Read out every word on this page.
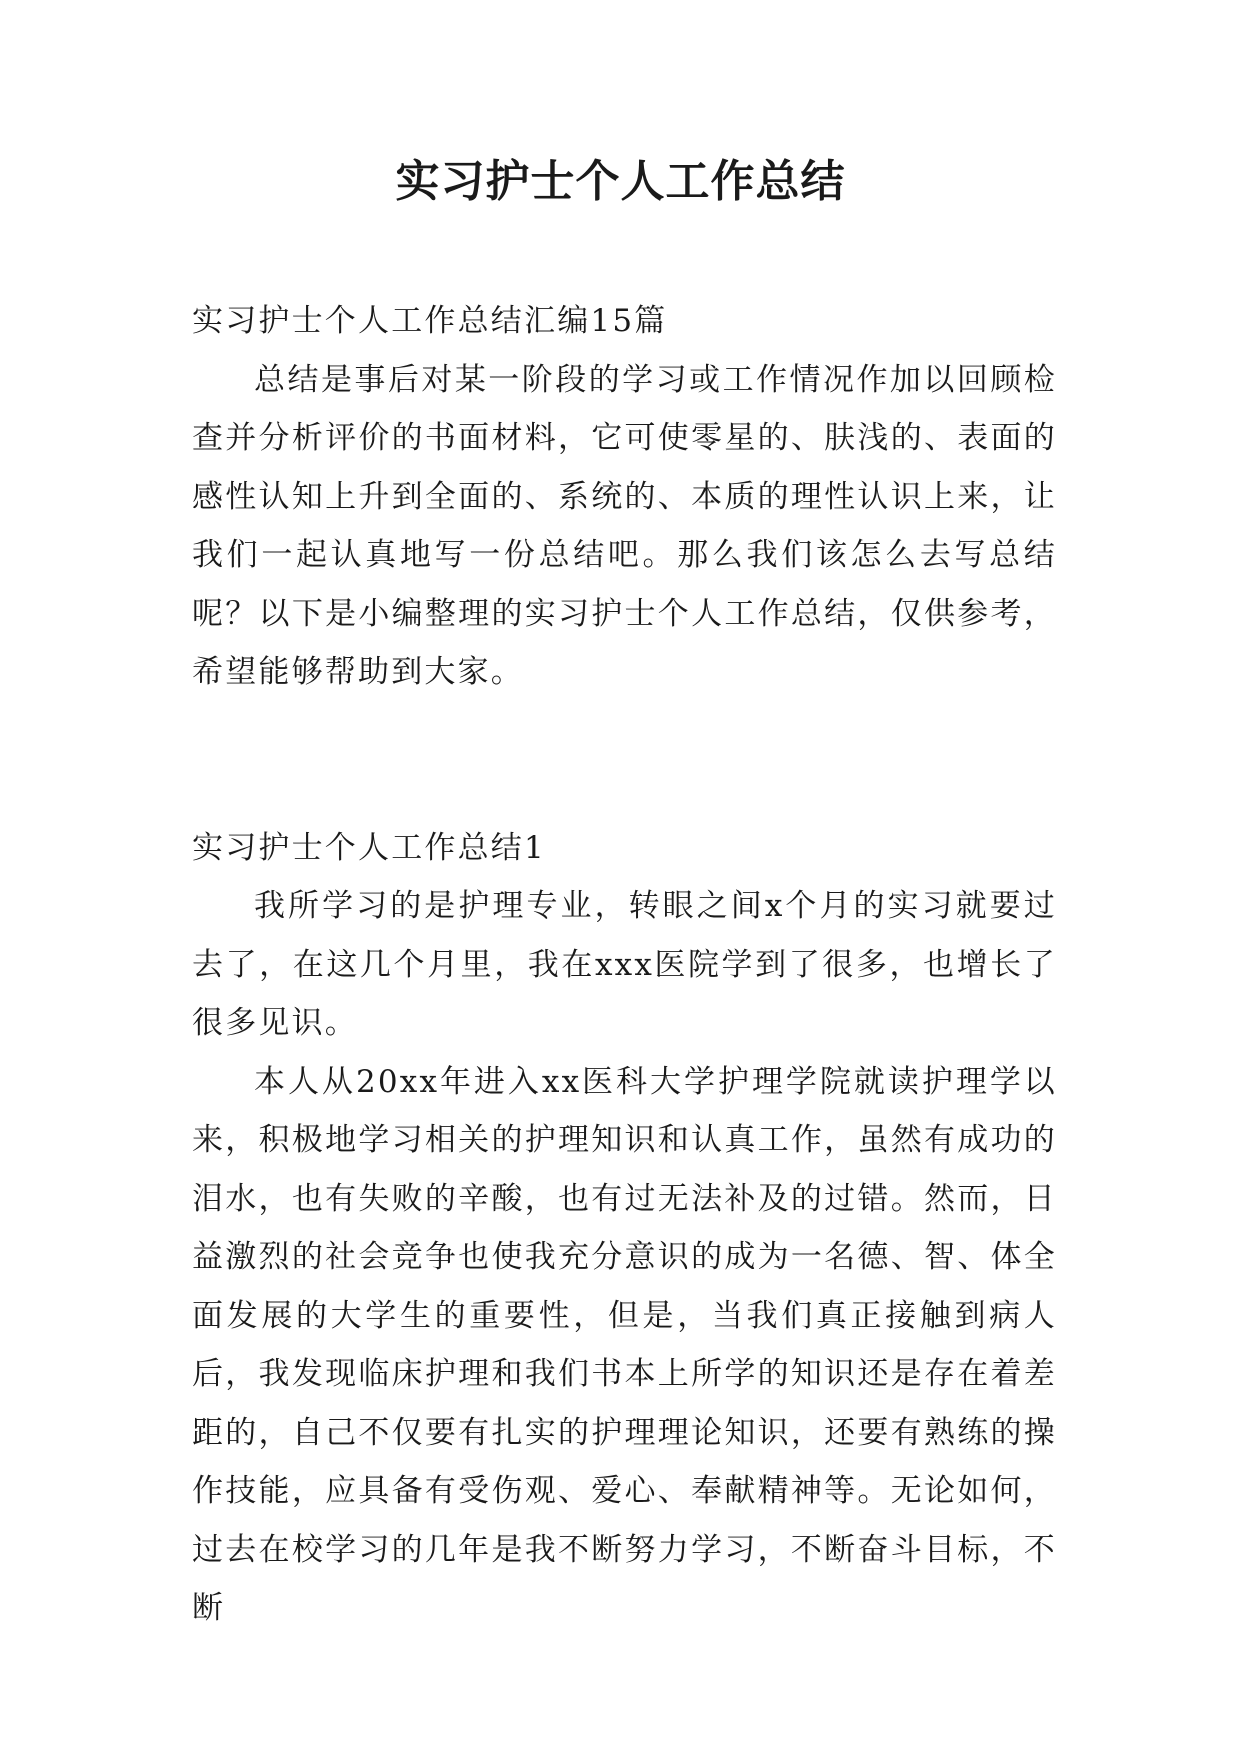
实习护士个人工作总结

实习护士个人工作总结汇编15篇

总结是事后对某一阶段的学习或工作情况作加以回顾检查并分析评价的书面材料，它可使零星的、肤浅的、表面的感性认知上升到全面的、系统的、本质的理性认识上来，让我们一起认真地写一份总结吧。那么我们该怎么去写总结呢？以下是小编整理的实习护士个人工作总结，仅供参考，希望能够帮助到大家。

实习护士个人工作总结1

我所学习的是护理专业，转眼之间x个月的实习就要过去了，在这几个月里，我在xxx医院学到了很多，也增长了很多见识。

本人从20xx年进入xx医科大学护理学院就读护理学以来，积极地学习相关的护理知识和认真工作，虽然有成功的泪水，也有失败的辛酸，也有过无法补及的过错。然而，日益激烈的社会竞争也使我充分意识的成为一名德、智、体全面发展的大学生的重要性，但是，当我们真正接触到病人后，我发现临床护理和我们书本上所学的知识还是存在着差距的，自己不仅要有扎实的护理理论知识，还要有熟练的操作技能，应具备有受伤观、爱心、奉献精神等。无论如何，过去在校学习的几年是我不断努力学习，不断奋斗目标，不断
